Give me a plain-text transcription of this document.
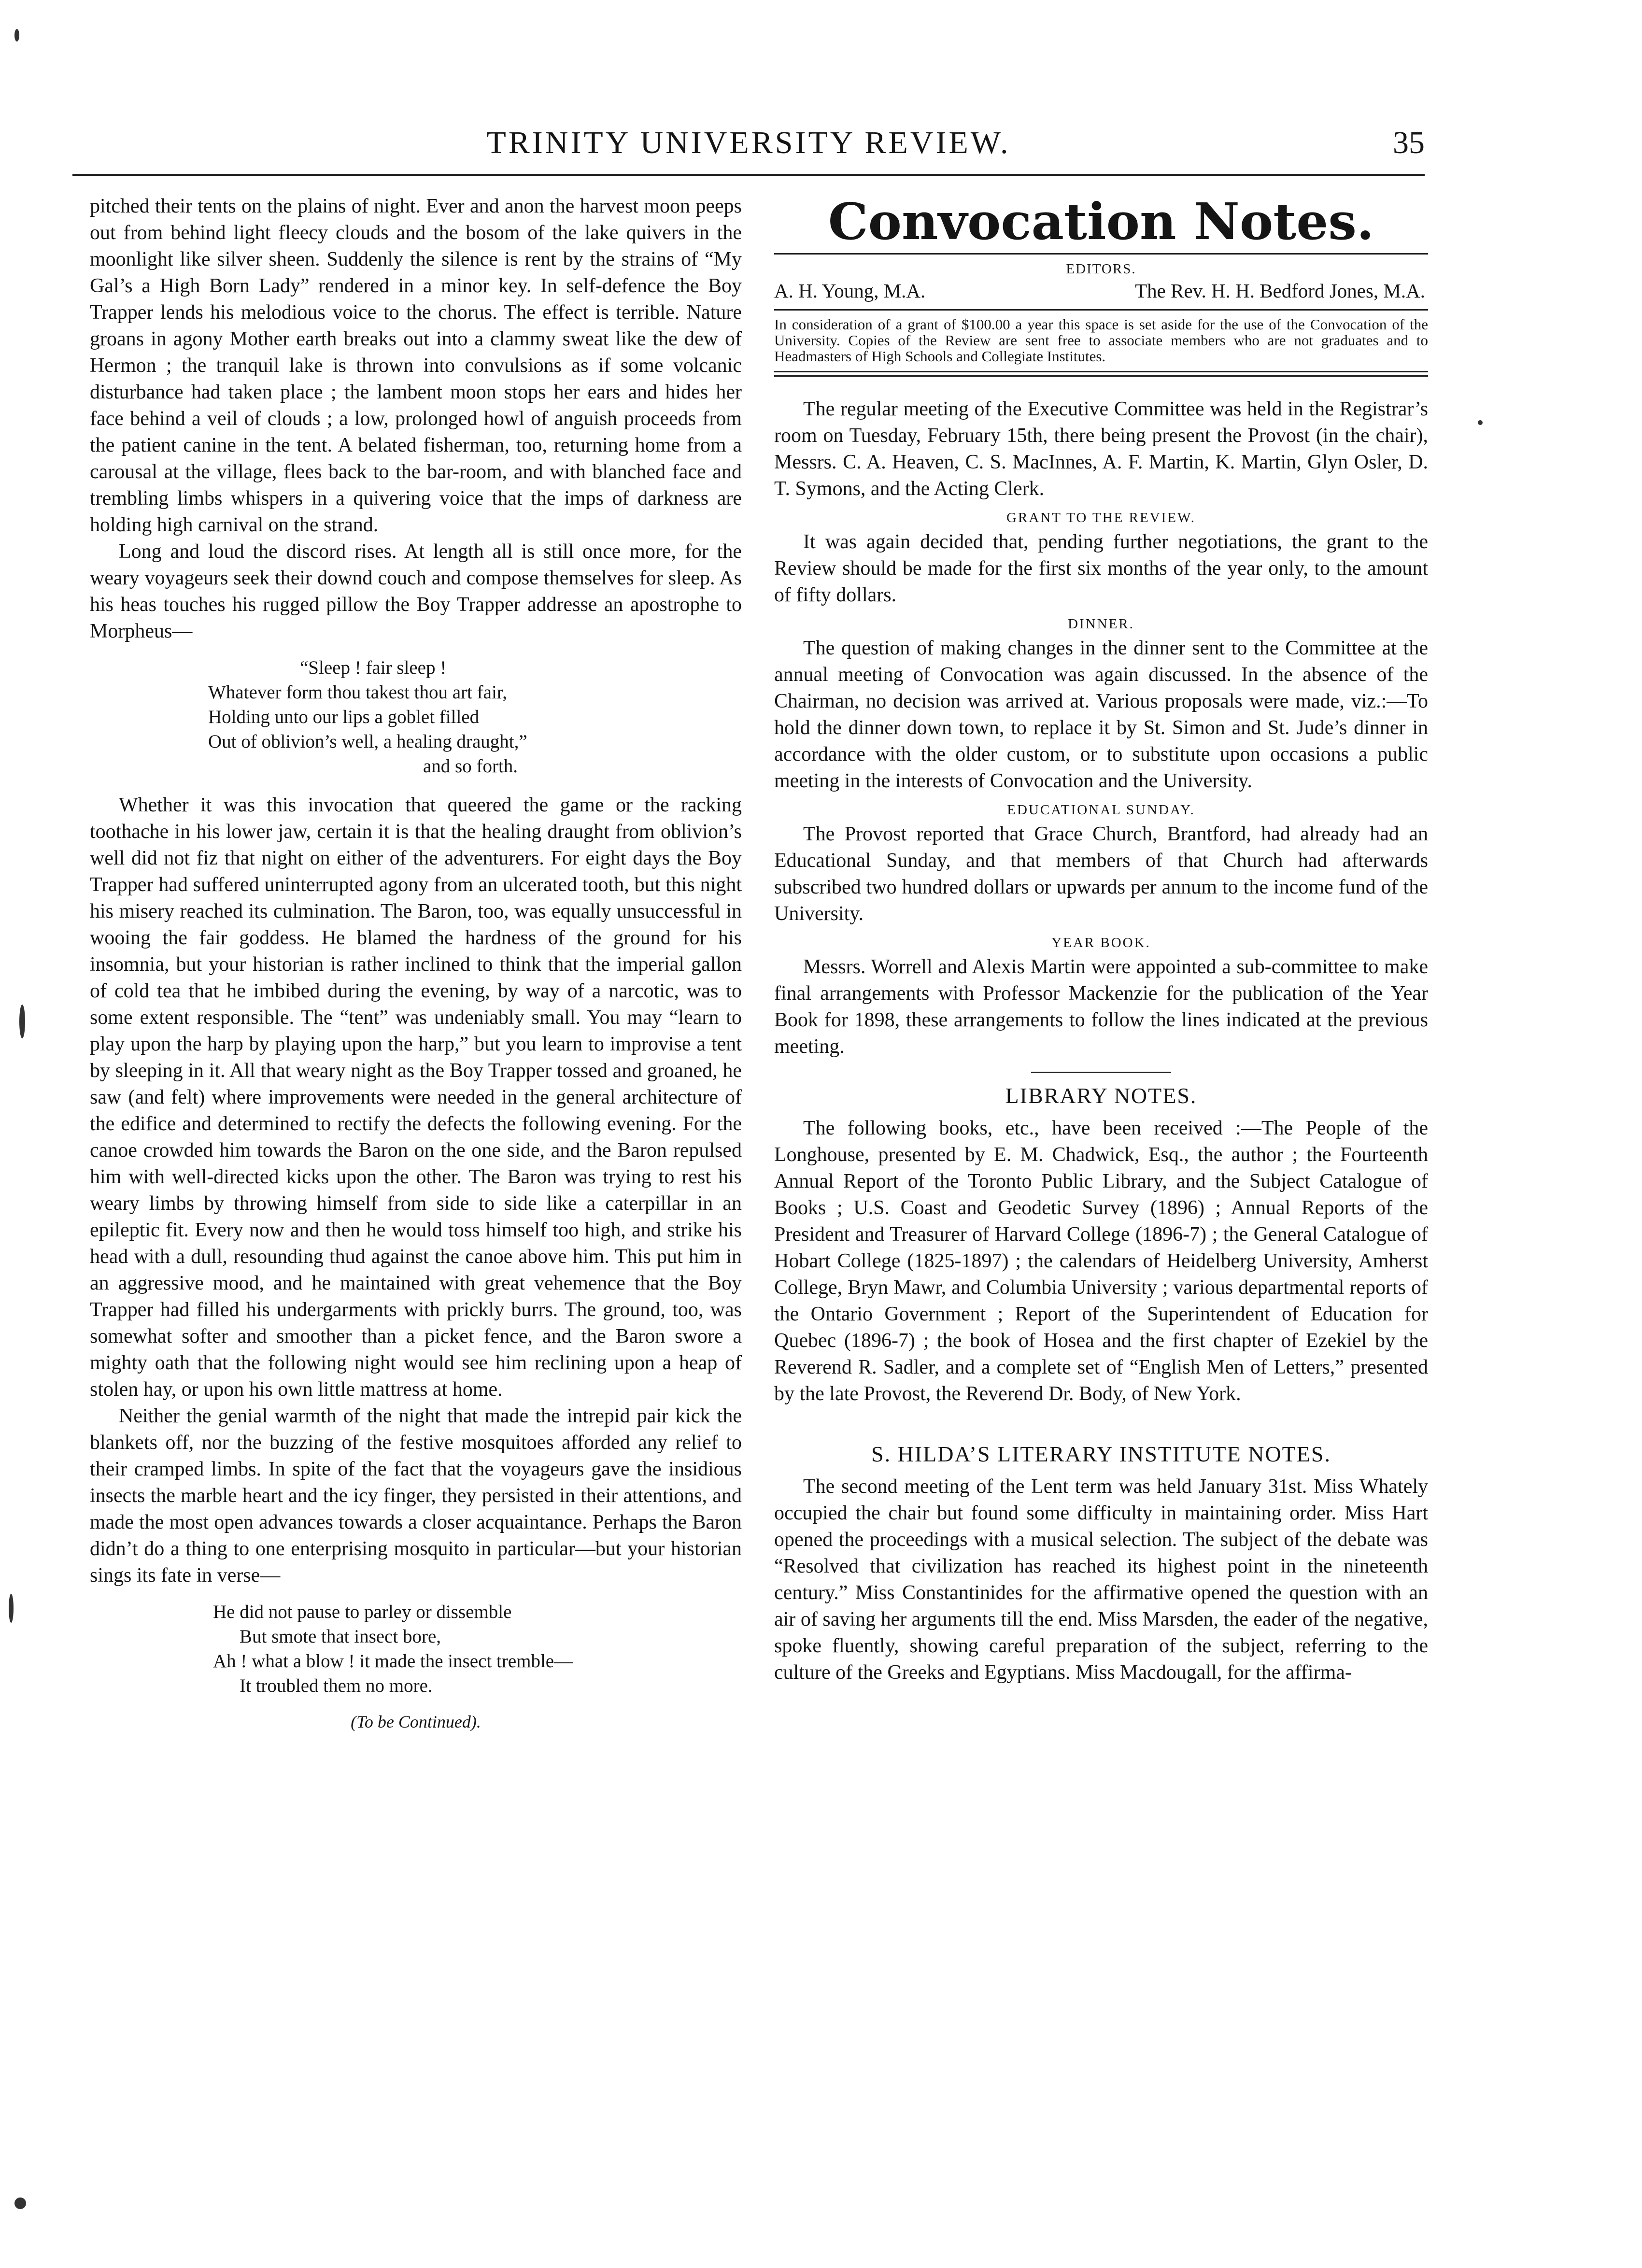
TRINITY UNIVERSITY REVIEW.	35

pitched their tents on the plains of night. Ever and anon the harvest moon peeps out from behind light fleecy clouds and the bosom of the lake quivers in the moonlight like silver sheen. Suddenly the silence is rent by the strains of “My Gal’s a High Born Lady” rendered in a minor key. In self-defence the Boy Trapper lends his melodious voice to the chorus. The effect is terrible. Nature groans in agony Mother earth breaks out into a clammy sweat like the dew of Hermon ; the tranquil lake is thrown into convulsions as if some volcanic disturbance had taken place ; the lambent moon stops her ears and hides her face behind a veil of clouds ; a low, prolonged howl of anguish proceeds from the patient canine in the tent. A belated fisherman, too, returning home from a carousal at the village, flees back to the bar-room, and with blanched face and trembling limbs whispers in a quivering voice that the imps of darkness are holding high carnival on the strand.

Long and loud the discord rises. At length all is still once more, for the weary voyageurs seek their downd couch and compose themselves for sleep. As his heas touches his rugged pillow the Boy Trapper addresse an apostrophe to Morpheus—

“Sleep ! fair sleep !
Whatever form thou takest thou art fair,
Holding unto our lips a goblet filled
Out of oblivion’s well, a healing draught,”
and so forth.

Whether it was this invocation that queered the game or the racking toothache in his lower jaw, certain it is that the healing draught from oblivion’s well did not fiz that night on either of the adventurers. For eight days the Boy Trapper had suffered uninterrupted agony from an ulcerated tooth, but this night his misery reached its culmination. The Baron, too, was equally unsuccessful in wooing the fair goddess. He blamed the hardness of the ground for his insomnia, but your historian is rather inclined to think that the imperial gallon of cold tea that he imbibed during the evening, by way of a narcotic, was to some extent responsible. The “tent” was undeniably small. You may “learn to play upon the harp by playing upon the harp,” but you learn to improvise a tent by sleeping in it. All that weary night as the Boy Trapper tossed and groaned, he saw (and felt) where improvements were needed in the general architecture of the edifice and determined to rectify the defects the following evening. For the canoe crowded him towards the Baron on the one side, and the Baron repulsed him with well-directed kicks upon the other. The Baron was trying to rest his weary limbs by throwing himself from side to side like a caterpillar in an epileptic fit. Every now and then he would toss himself too high, and strike his head with a dull, resounding thud against the canoe above him. This put him in an aggressive mood, and he maintained with great vehemence that the Boy Trapper had filled his undergarments with prickly burrs. The ground, too, was somewhat softer and smoother than a picket fence, and the Baron swore a mighty oath that the following night would see him reclining upon a heap of stolen hay, or upon his own little mattress at home.

Neither the genial warmth of the night that made the intrepid pair kick the blankets off, nor the buzzing of the festive mosquitoes afforded any relief to their cramped limbs. In spite of the fact that the voyageurs gave the insidious insects the marble heart and the icy finger, they persisted in their attentions, and made the most open advances towards a closer acquaintance. Perhaps the Baron didn’t do a thing to one enterprising mosquito in particular—but your historian sings its fate in verse—

He did not pause to parley or dissemble
But smote that insect bore,
Ah ! what a blow ! it made the insect tremble—
It troubled them no more.
(To be Continued).
Convocation Notes.
EDITORS.
A. H. Young, M.A.	The Rev. H. H. Bedford Jones, M.A.
In consideration of a grant of $100.00 a year this space is set aside for the use of the Convocation of the University. Copies of the Review are sent free to associate members who are not graduates and to Headmasters of High Schools and Collegiate Institutes.

The regular meeting of the Executive Committee was held in the Registrar’s room on Tuesday, February 15th, there being present the Provost (in the chair), Messrs. C. A. Heaven, C. S. MacInnes, A. F. Martin, K. Martin, Glyn Osler, D. T. Symons, and the Acting Clerk.

GRANT TO THE REVIEW.

It was again decided that, pending further negotiations, the grant to the Review should be made for the first six months of the year only, to the amount of fifty dollars.

DINNER.

The question of making changes in the dinner sent to the Committee at the annual meeting of Convocation was again discussed. In the absence of the Chairman, no decision was arrived at. Various proposals were made, viz.:—To hold the dinner down town, to replace it by St. Simon and St. Jude’s dinner in accordance with the older custom, or to substitute upon occasions a public meeting in the interests of Convocation and the University.

EDUCATIONAL SUNDAY.

The Provost reported that Grace Church, Brantford, had already had an Educational Sunday, and that members of that Church had afterwards subscribed two hundred dollars or upwards per annum to the income fund of the University.

YEAR BOOK.

Messrs. Worrell and Alexis Martin were appointed a sub-committee to make final arrangements with Professor Mackenzie for the publication of the Year Book for 1898, these arrangements to follow the lines indicated at the previous meeting.

LIBRARY NOTES.

The following books, etc., have been received :—The People of the Longhouse, presented by E. M. Chadwick, Esq., the author ; the Fourteenth Annual Report of the Toronto Public Library, and the Subject Catalogue of Books ; U.S. Coast and Geodetic Survey (1896) ; Annual Reports of the President and Treasurer of Harvard College (1896-7) ; the General Catalogue of Hobart College (1825-1897) ; the calendars of Heidelberg University, Amherst College, Bryn Mawr, and Columbia University ; various departmental reports of the Ontario Government ; Report of the Superintendent of Education for Quebec (1896-7) ; the book of Hosea and the first chapter of Ezekiel by the Reverend R. Sadler, and a complete set of “English Men of Letters,” presented by the late Provost, the Reverend Dr. Body, of New York.

S. HILDA’S LITERARY INSTITUTE NOTES.

The second meeting of the Lent term was held January 31st. Miss Whately occupied the chair but found some difficulty in maintaining order. Miss Hart opened the proceedings with a musical selection. The subject of the debate was “Resolved that civilization has reached its highest point in the nineteenth century.” Miss Constantinides for the affirmative opened the question with an air of saving her arguments till the end. Miss Marsden, the eader of the negative, spoke fluently, showing careful preparation of the subject, referring to the culture of the Greeks and Egyptians. Miss Macdougall, for the affirma-
